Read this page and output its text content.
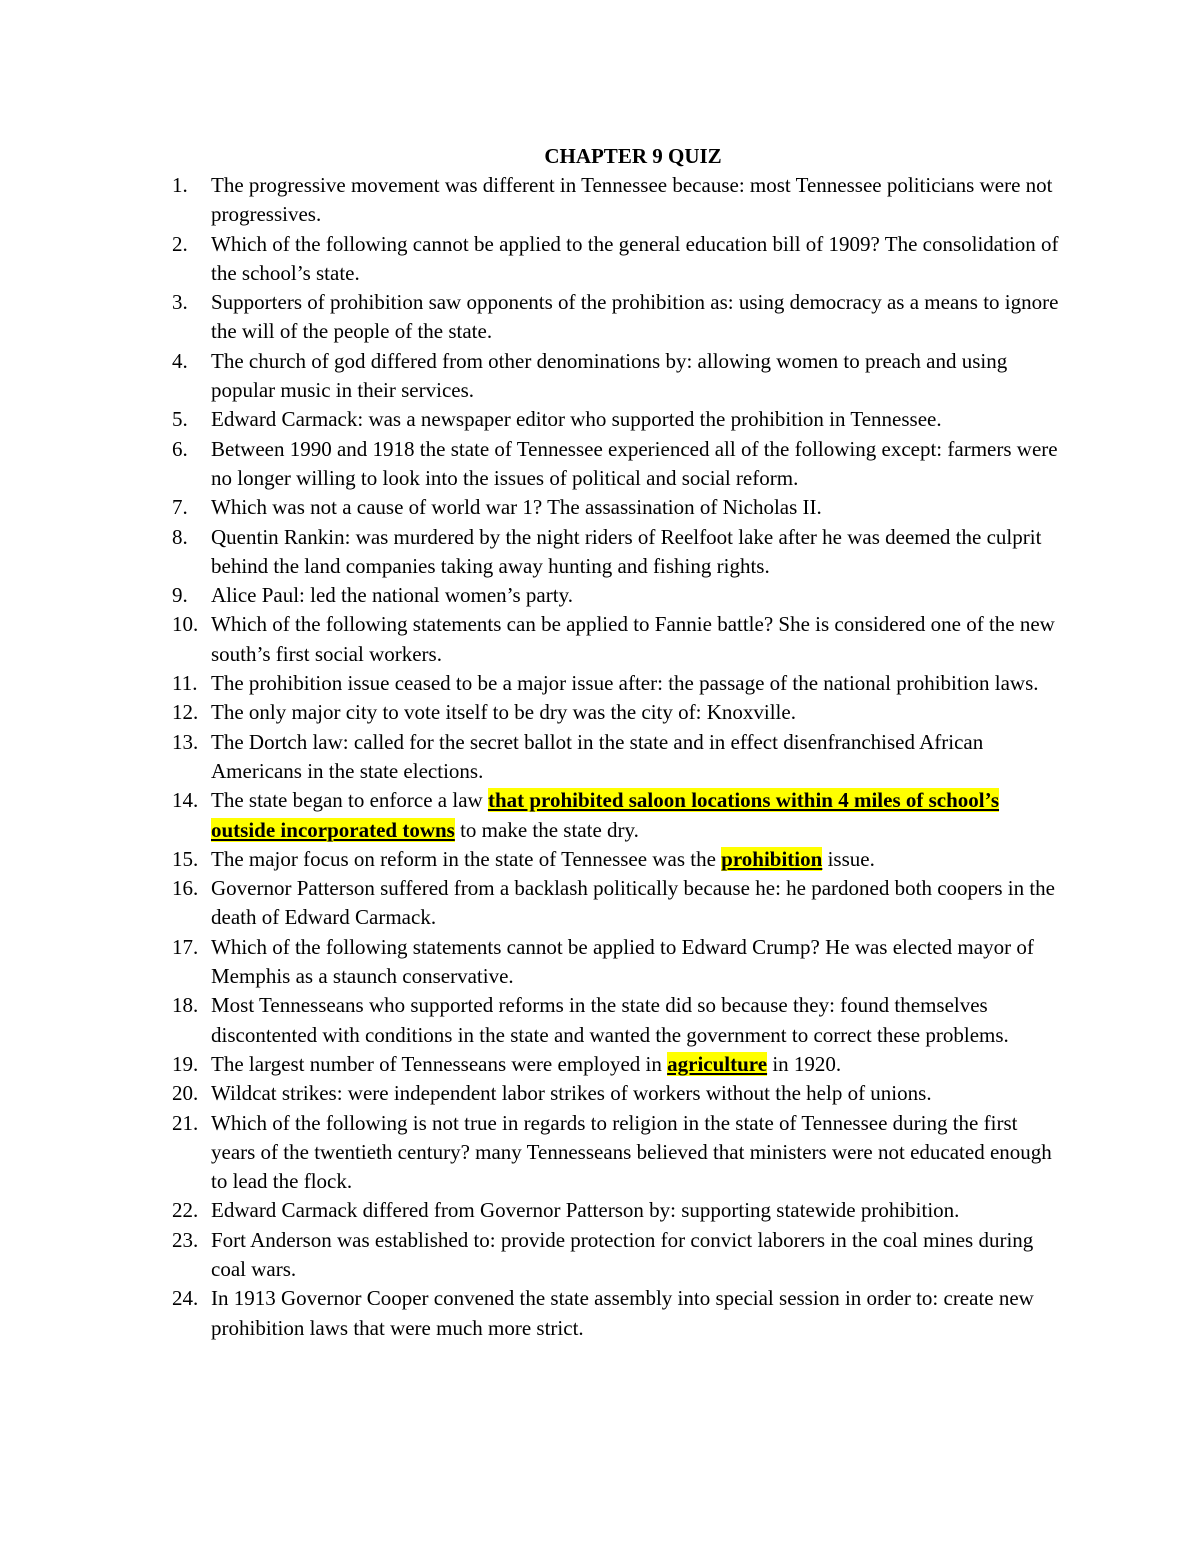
CHAPTER 9 QUIZ
1. The progressive movement was different in Tennessee because: most Tennessee politicians were not progressives.
2. Which of the following cannot be applied to the general education bill of 1909? The consolidation of the school’s state.
3. Supporters of prohibition saw opponents of the prohibition as: using democracy as a means to ignore the will of the people of the state.
4. The church of god differed from other denominations by: allowing women to preach and using popular music in their services.
5. Edward Carmack: was a newspaper editor who supported the prohibition in Tennessee.
6. Between 1990 and 1918 the state of Tennessee experienced all of the following except: farmers were no longer willing to look into the issues of political and social reform.
7. Which was not a cause of world war 1? The assassination of Nicholas II.
8. Quentin Rankin: was murdered by the night riders of Reelfoot lake after he was deemed the culprit behind the land companies taking away hunting and fishing rights.
9. Alice Paul: led the national women’s party.
10. Which of the following statements can be applied to Fannie battle? She is considered one of the new south’s first social workers.
11. The prohibition issue ceased to be a major issue after: the passage of the national prohibition laws.
12. The only major city to vote itself to be dry was the city of: Knoxville.
13. The Dortch law: called for the secret ballot in the state and in effect disenfranchised African Americans in the state elections.
14. The state began to enforce a law that prohibited saloon locations within 4 miles of school’s outside incorporated towns to make the state dry.
15. The major focus on reform in the state of Tennessee was the prohibition issue.
16. Governor Patterson suffered from a backlash politically because he: he pardoned both coopers in the death of Edward Carmack.
17. Which of the following statements cannot be applied to Edward Crump? He was elected mayor of Memphis as a staunch conservative.
18. Most Tennesseans who supported reforms in the state did so because they: found themselves discontented with conditions in the state and wanted the government to correct these problems.
19. The largest number of Tennesseans were employed in agriculture in 1920.
20. Wildcat strikes: were independent labor strikes of workers without the help of unions.
21. Which of the following is not true in regards to religion in the state of Tennessee during the first years of the twentieth century? many Tennesseans believed that ministers were not educated enough to lead the flock.
22. Edward Carmack differed from Governor Patterson by: supporting statewide prohibition.
23. Fort Anderson was established to: provide protection for convict laborers in the coal mines during coal wars.
24. In 1913 Governor Cooper convened the state assembly into special session in order to: create new prohibition laws that were much more strict.
